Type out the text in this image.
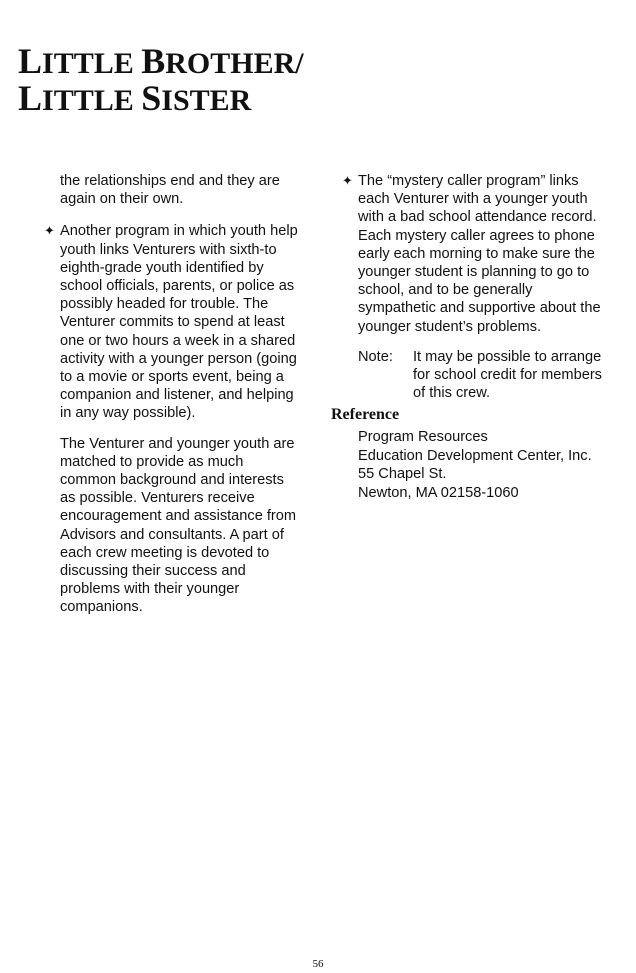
LITTLE BROTHER/
LITTLE SISTER

the relationships end and they are again on their own.

✦ Another program in which youth help youth links Venturers with sixth-to eighth-grade youth identified by school officials, parents, or police as possibly headed for trouble. The Venturer commits to spend at least one or two hours a week in a shared activity with a younger person (going to a movie or sports event, being a companion and listener, and helping in any way possible).

The Venturer and younger youth are matched to provide as much common background and interests as possible. Venturers receive encouragement and assistance from Advisors and consultants. A part of each crew meeting is devoted to discussing their success and problems with their younger companions.

✦ The “mystery caller program” links each Venturer with a younger youth with a bad school attendance record. Each mystery caller agrees to phone early each morning to make sure the younger student is planning to go to school, and to be generally sympathetic and supportive about the younger student’s problems.
Note:	It may be possible to arrange for school credit for members of this crew.
Reference
Program Resources
Education Development Center, Inc.
55 Chapel St.
Newton, MA 02158-1060
56
